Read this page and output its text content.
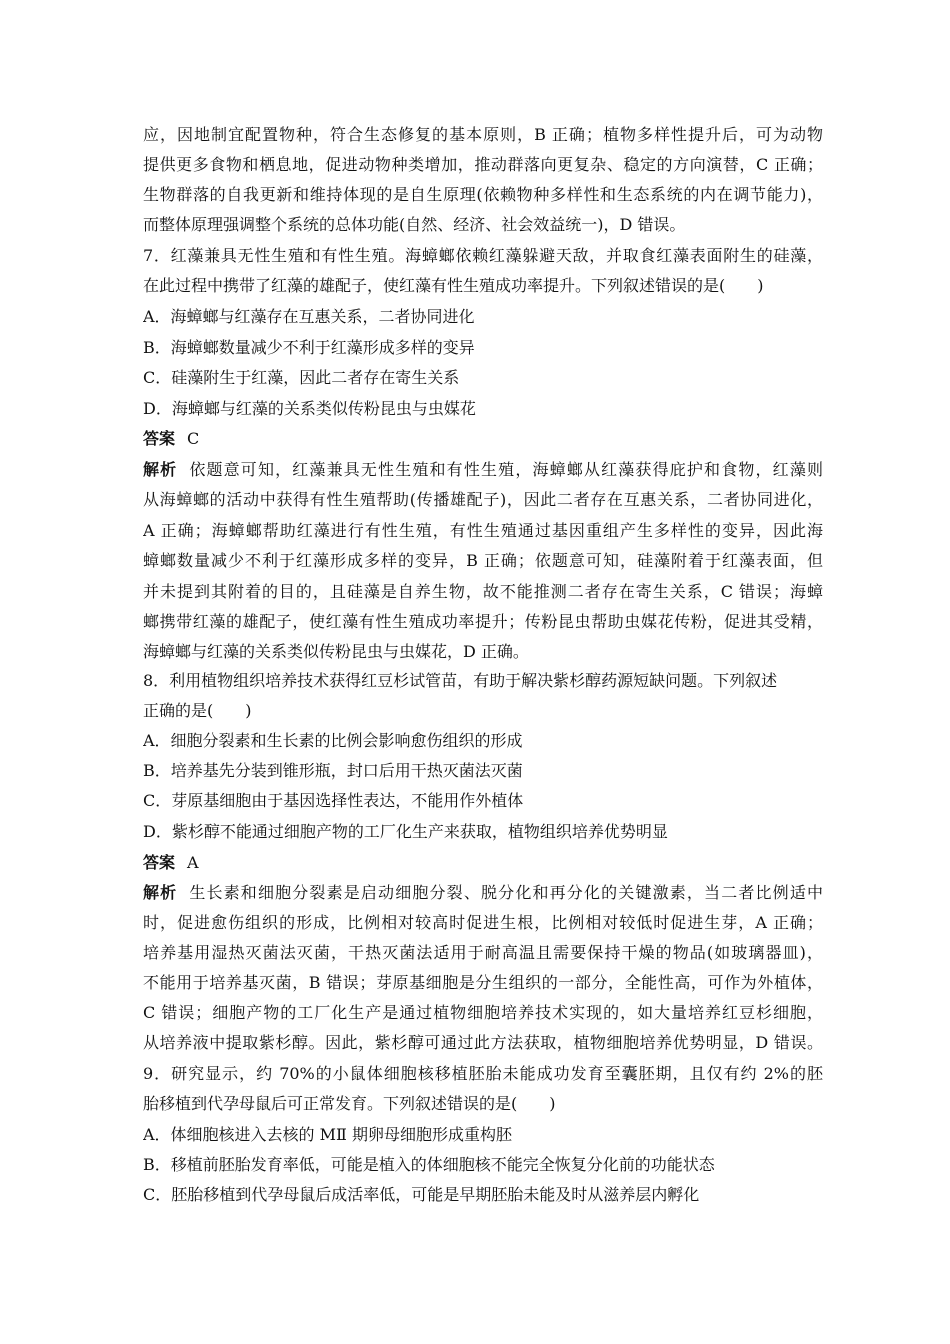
应，因地制宜配置物种，符合生态修复的基本原则，B 正确；植物多样性提升后，可为动物

提供更多食物和栖息地，促进动物种类增加，推动群落向更复杂、稳定的方向演替，C 正确；

生物群落的自我更新和维持体现的是自生原理(依赖物种多样性和生态系统的内在调节能力)，

而整体原理强调整个系统的总体功能(自然、经济、社会效益统一)，D 错误。

7．红藻兼具无性生殖和有性生殖。海蟑螂依赖红藻躲避天敌，并取食红藻表面附生的硅藻，

在此过程中携带了红藻的雄配子，使红藻有性生殖成功率提升。下列叙述错误的是(　　)

A．海蟑螂与红藻存在互惠关系，二者协同进化

B．海蟑螂数量减少不利于红藻形成多样的变异

C．硅藻附生于红藻，因此二者存在寄生关系

D．海蟑螂与红藻的关系类似传粉昆虫与虫媒花

答案 C

解析 依题意可知，红藻兼具无性生殖和有性生殖，海蟑螂从红藻获得庇护和食物，红藻则

从海蟑螂的活动中获得有性生殖帮助(传播雄配子)，因此二者存在互惠关系，二者协同进化，

A 正确；海蟑螂帮助红藻进行有性生殖，有性生殖通过基因重组产生多样性的变异，因此海

蟑螂数量减少不利于红藻形成多样的变异，B 正确；依题意可知，硅藻附着于红藻表面，但

并未提到其附着的目的，且硅藻是自养生物，故不能推测二者存在寄生关系，C 错误；海蟑

螂携带红藻的雄配子，使红藻有性生殖成功率提升；传粉昆虫帮助虫媒花传粉，促进其受精，

海蟑螂与红藻的关系类似传粉昆虫与虫媒花，D 正确。

8．利用植物组织培养技术获得红豆杉试管苗，有助于解决紫杉醇药源短缺问题。下列叙述

正确的是(　　)

A．细胞分裂素和生长素的比例会影响愈伤组织的形成

B．培养基先分装到锥形瓶，封口后用干热灭菌法灭菌

C．芽原基细胞由于基因选择性表达，不能用作外植体

D．紫杉醇不能通过细胞产物的工厂化生产来获取，植物组织培养优势明显

答案 A

解析 生长素和细胞分裂素是启动细胞分裂、脱分化和再分化的关键激素，当二者比例适中

时，促进愈伤组织的形成，比例相对较高时促进生根，比例相对较低时促进生芽，A 正确；

培养基用湿热灭菌法灭菌，干热灭菌法适用于耐高温且需要保持干燥的物品(如玻璃器皿)，

不能用于培养基灭菌，B 错误；芽原基细胞是分生组织的一部分，全能性高，可作为外植体，

C 错误；细胞产物的工厂化生产是通过植物细胞培养技术实现的，如大量培养红豆杉细胞，

从培养液中提取紫杉醇。因此，紫杉醇可通过此方法获取，植物细胞培养优势明显，D 错误。

9．研究显示，约 70%的小鼠体细胞核移植胚胎未能成功发育至囊胚期，且仅有约 2%的胚

胎移植到代孕母鼠后可正常发育。下列叙述错误的是(　　)

A．体细胞核进入去核的 MⅡ 期卵母细胞形成重构胚

B．移植前胚胎发育率低，可能是植入的体细胞核不能完全恢复分化前的功能状态

C．胚胎移植到代孕母鼠后成活率低，可能是早期胚胎未能及时从滋养层内孵化
